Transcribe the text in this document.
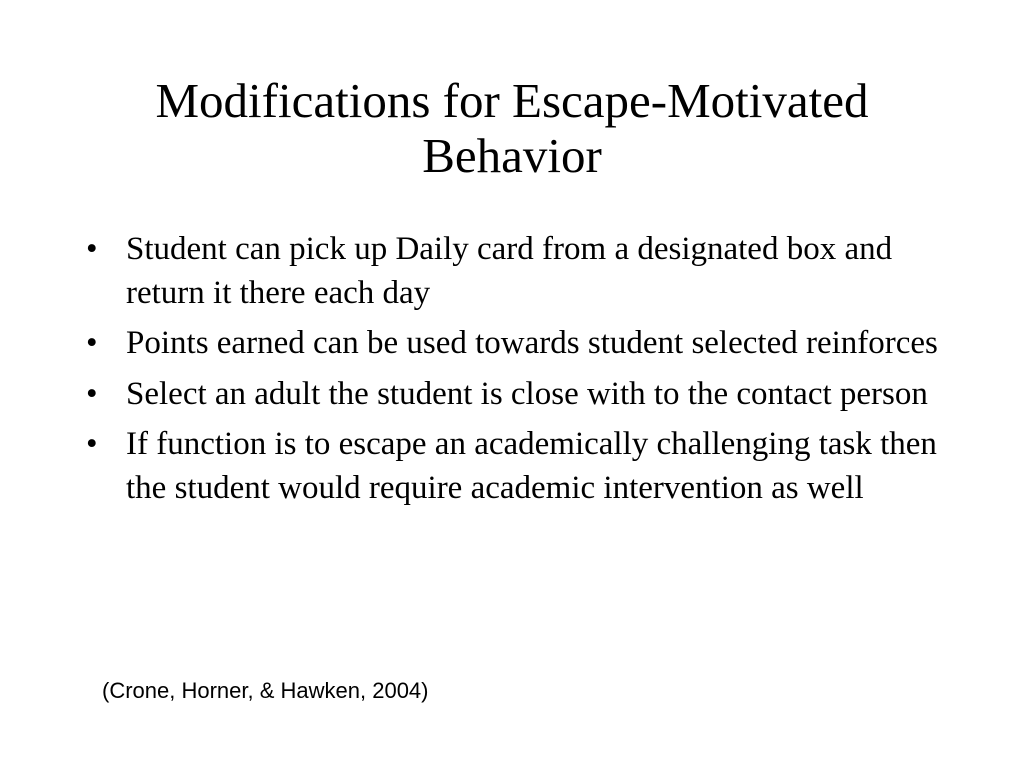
Modifications for Escape-Motivated Behavior
• Student can pick up Daily card from a designated box and return it there each day
• Points earned can be used towards student selected reinforces
• Select an adult the student is close with to the contact person
• If function is to escape an academically challenging task then the student would require academic intervention as well

(Crone, Horner, & Hawken, 2004)
